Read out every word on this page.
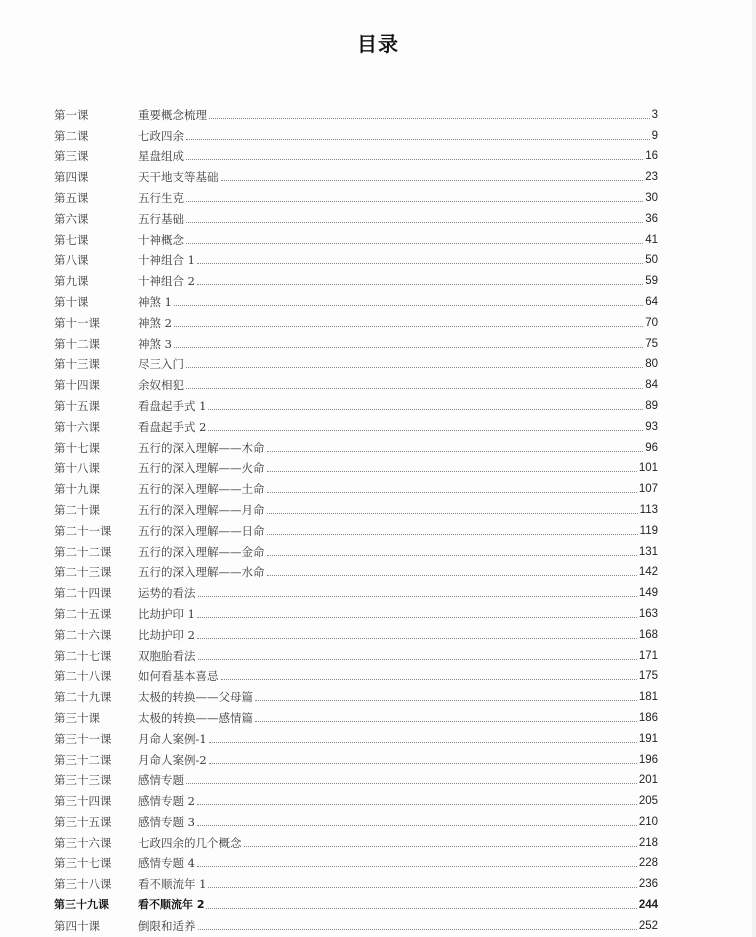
目录
第一课	重要概念梳理	3
第二课	七政四余	9
第三课	星盘组成	16
第四课	天干地支等基础	23
第五课	五行生克	30
第六课	五行基础	36
第七课	十神概念	41
第八课	十神组合 1	50
第九课	十神组合 2	59
第十课	神煞 1	64
第十一课	神煞 2	70
第十二课	神煞 3	75
第十三课	尽三入门	80
第十四课	余奴相犯	84
第十五课	看盘起手式 1	89
第十六课	看盘起手式 2	93
第十七课	五行的深入理解——木命	96
第十八课	五行的深入理解——火命	101
第十九课	五行的深入理解——土命	107
第二十课	五行的深入理解——月命	113
第二十一课	五行的深入理解——日命	119
第二十二课	五行的深入理解——金命	131
第二十三课	五行的深入理解——水命	142
第二十四课	运势的看法	149
第二十五课	比劫护印 1	163
第二十六课	比劫护印 2	168
第二十七课	双胞胎看法	171
第二十八课	如何看基本喜忌	175
第二十九课	太极的转换——父母篇	181
第三十课	太极的转换——感情篇	186
第三十一课	月命人案例-1	191
第三十二课	月命人案例-2	196
第三十三课	感情专题	201
第三十四课	感情专题 2	205
第三十五课	感情专题 3	210
第三十六课	七政四余的几个概念	218
第三十七课	感情专题 4	228
第三十八课	看不顺流年 1	236
第三十九课	看不顺流年 2	244
第四十课	倒限和适养	252
